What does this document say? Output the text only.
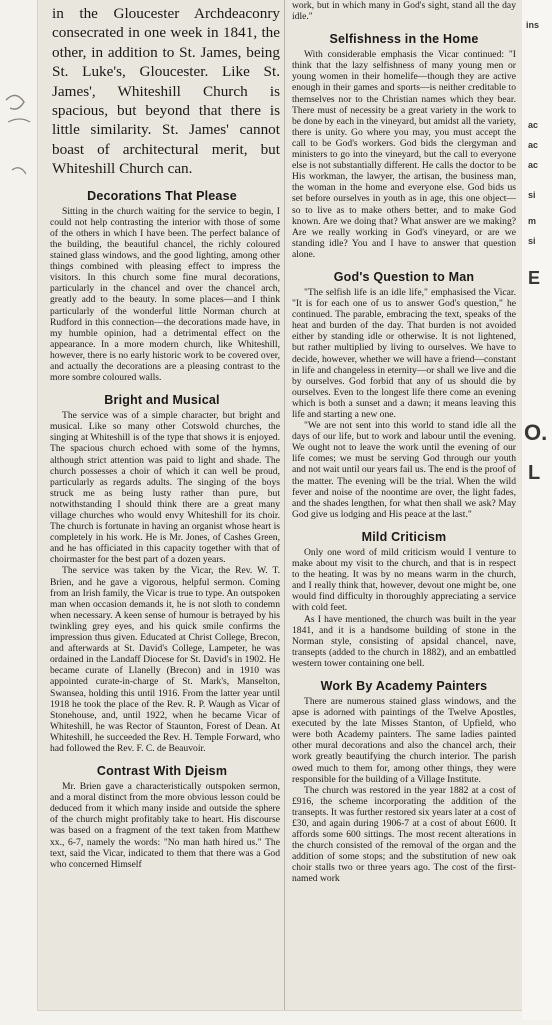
in the Gloucester Archdeaconry consecrated in one week in 1841, the other, in addition to St. James, being St. Luke's, Gloucester. Like St. James', Whiteshill Church is spacious, but beyond that there is little similarity. St. James' cannot boast of architectural merit, but Whiteshill Church can.
Decorations That Please

Sitting in the church waiting for the service to begin, I could not help contrasting the interior with those of some of the others in which I have been. The perfect balance of the building, the beautiful chancel, the richly coloured stained glass windows, and the good lighting, among other things combined with pleasing effect to impress the visitors. In this church some fine mural decorations, particularly in the chancel and over the chancel arch, greatly add to the beauty. In some places—and I think particularly of the wonderful little Norman church at Rudford in this connection—the decorations made have, in my humble opinion, had a detrimental effect on the appearance. In a more modern church, like Whiteshill, however, there is no early historic work to be covered over, and actually the decorations are a pleasing contrast to the more sombre coloured walls.

Bright and Musical

The service was of a simple character, but bright and musical. Like so many other Cotswold churches, the singing at Whiteshill is of the type that shows it is enjoyed. The spacious church echoed with some of the hymns, although strict attention was paid to light and shade. The church possesses a choir of which it can well be proud, particularly as regards adults. The singing of the boys struck me as being lusty rather than pure, but notwithstanding I should think there are a great many village churches who would envy Whiteshill for its choir. The church is fortunate in having an organist whose heart is completely in his work. He is Mr. Jones, of Cashes Green, and he has officiated in this capacity together with that of choirmaster for the best part of a dozen years.

The service was taken by the Vicar, the Rev. W. T. Brien, and he gave a vigorous, helpful sermon. Coming from an Irish family, the Vicar is true to type. An outspoken man when occasion demands it, he is not sloth to condemn when necessary. A keen sense of humour is betrayed by his twinkling grey eyes, and his quick smile confirms the impression thus given. Educated at Christ College, Brecon, and afterwards at St. David's College, Lampeter, he was ordained in the Landaff Diocese for St. David's in 1902. He became curate of Llanelly (Brecon) and in 1910 was appointed curate-in-charge of St. Mark's, Manselton, Swansea, holding this until 1916. From the latter year until 1918 he took the place of the Rev. R. P. Waugh as Vicar of Stonehouse, and, until 1922, when he became Vicar of Whiteshill, he was Rector of Staunton, Forest of Dean. At Whiteshill, he succeeded the Rev. H. Temple Forward, who had followed the Rev. F. C. de Beauvoir.

Contrast With Djeism

Mr. Brien gave a characteristically outspoken sermon, and a moral distinct from the more obvious lesson could be deduced from it which many inside and outside the sphere of the church might profitably take to heart. His discourse was based on a fragment of the text taken from Matthew xx., 6-7, namely the words: "No man hath hired us." The text, said the Vicar, indicated to them that there was a God who concerned Himself

work, but in which many in God's sight, stand all the day idle."
Selfishness in the Home

With considerable emphasis the Vicar continued: "I think that the lazy selfishness of many young men or young women in their homelife—though they are active enough in their games and sports—is neither creditable to themselves nor to the Christian names which they bear. There must of necessity be a great variety in the work to be done by each in the vineyard, but amidst all the variety, there is unity. Go where you may, you must accept the call to be God's workers. God bids the clergyman and ministers to go into the vineyard, but the call to everyone else is not substantially different. He calls the doctor to be His workman, the lawyer, the artisan, the business man, the woman in the home and everyone else. God bids us set before ourselves in youth as in age, this one object—so to live as to make others better, and to make God known. Are we doing that? What answer are we making? Are we really working in God's vineyard, or are we standing idle? You and I have to answer that question alone.

God's Question to Man

"The selfish life is an idle life," emphasised the Vicar. "It is for each one of us to answer God's question," he continued. The parable, embracing the text, speaks of the heat and burden of the day. That burden is not avoided either by standing idle or otherwise. It is not lightened, but rather multiplied by living to ourselves. We have to decide, however, whether we will have a friend—constant in life and changeless in eternity—or shall we live and die by ourselves. God forbid that any of us should die by ourselves. Even to the longest life there come an evening which is both a sunset and a dawn; it means leaving this life and starting a new one.

"We are not sent into this world to stand idle all the days of our life, but to work and labour until the evening. We ought not to leave the work until the evening of our life comes; we must be serving God through our youth and not wait until our years fail us. The end is the proof of the matter. The evening will be the trial. When the wild fever and noise of the noontime are over, the light fades, and the shades lengthen, for what then shall we ask? May God give us lodging and His peace at the last."

Mild Criticism

Only one word of mild criticism would I venture to make about my visit to the church, and that is in respect to the heating. It was by no means warm in the church, and I really think that, however, devout one might be, one would find difficulty in thoroughly appreciating a service with cold feet.

As I have mentioned, the church was built in the year 1841, and it is a handsome building of stone in the Norman style, consisting of apsidal chancel, nave, transepts (added to the church in 1882), and an embattled western tower containing one bell.

Work By Academy Painters

There are numerous stained glass windows, and the apse is adorned with paintings of the Twelve Apostles, executed by the late Misses Stanton, of Upfield, who were both Academy painters. The same ladies painted other mural decorations and also the chancel arch, their work greatly beautifying the church interior. The parish owed much to them for, among other things, they were responsible for the building of a Village Institute.

The church was restored in the year 1882 at a cost of £916, the scheme incorporating the addition of the transepts. It was further restored six years later at a cost of £30, and again during 1906-7 at a cost of about £600. It affords some 600 sittings. The most recent alterations in the church consisted of the removal of the organ and the addition of some stops; and the substitution of new oak choir stalls two or three years ago. The cost of the first-named work

ins
ac
ac
ac
si
m
si
E
O.
L
